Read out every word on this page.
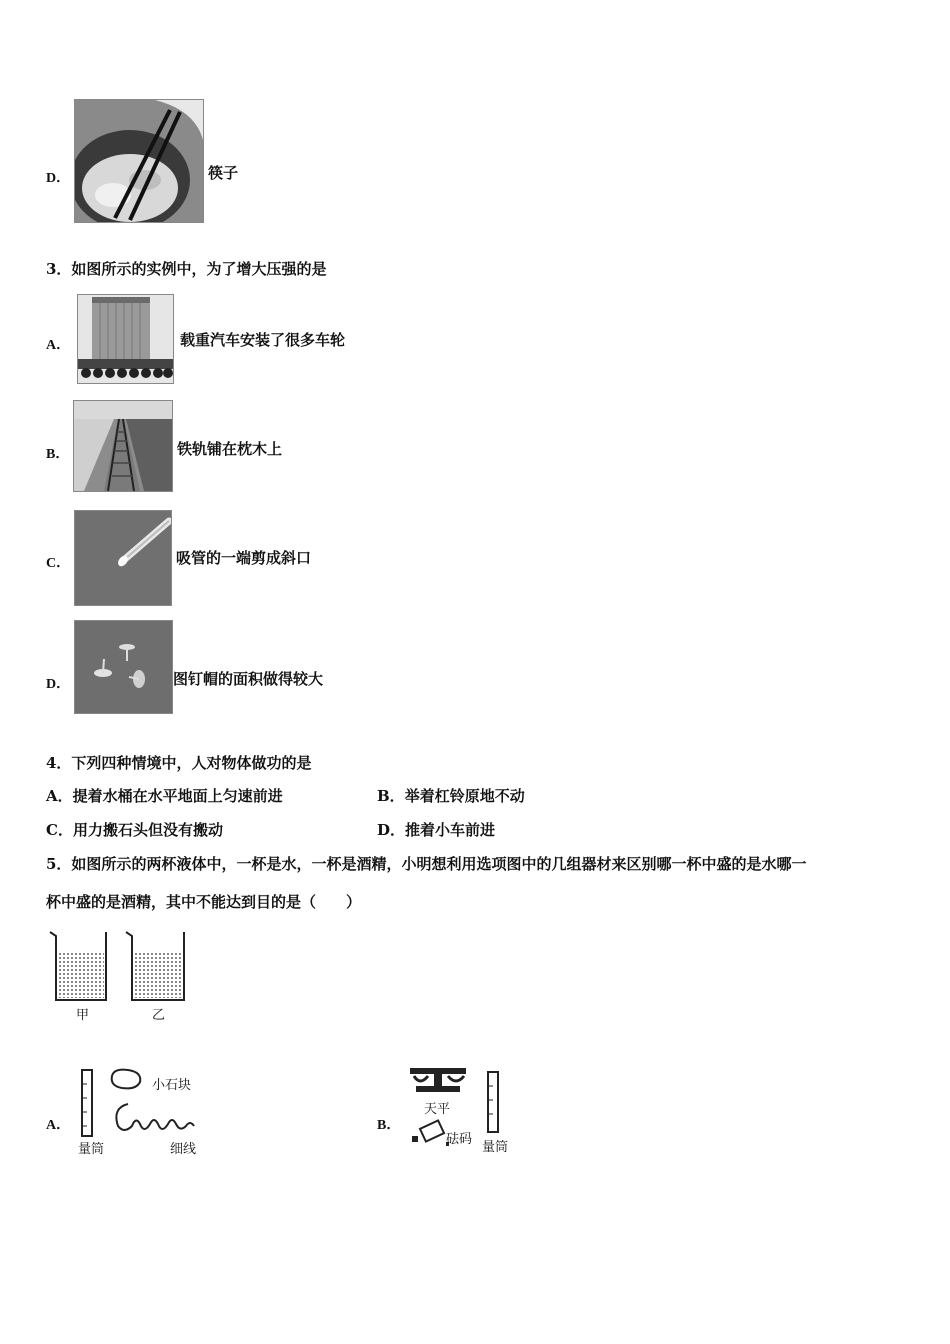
D．	筷子
3．如图所示的实例中，为了增大压强的是
A．	载重汽车安装了很多车轮
B．	铁轨铺在枕木上
C．	吸管的一端剪成斜口
D．	图钉帽的面积做得较大
4．下列四种情境中，人对物体做功的是
A．提着水桶在水平地面上匀速前进	B．举着杠铃原地不动
C．用力搬石头但没有搬动	D．推着小车前进
5．如图所示的两杯液体中，一杯是水，一杯是酒精，小明想利用选项图中的几组器材来区别哪一杯中盛的是水哪一
杯中盛的是酒精，其中不能达到目的是（　　）
甲	乙
A．
小石块
量筒	细线
B．
天平
砝码
量筒
